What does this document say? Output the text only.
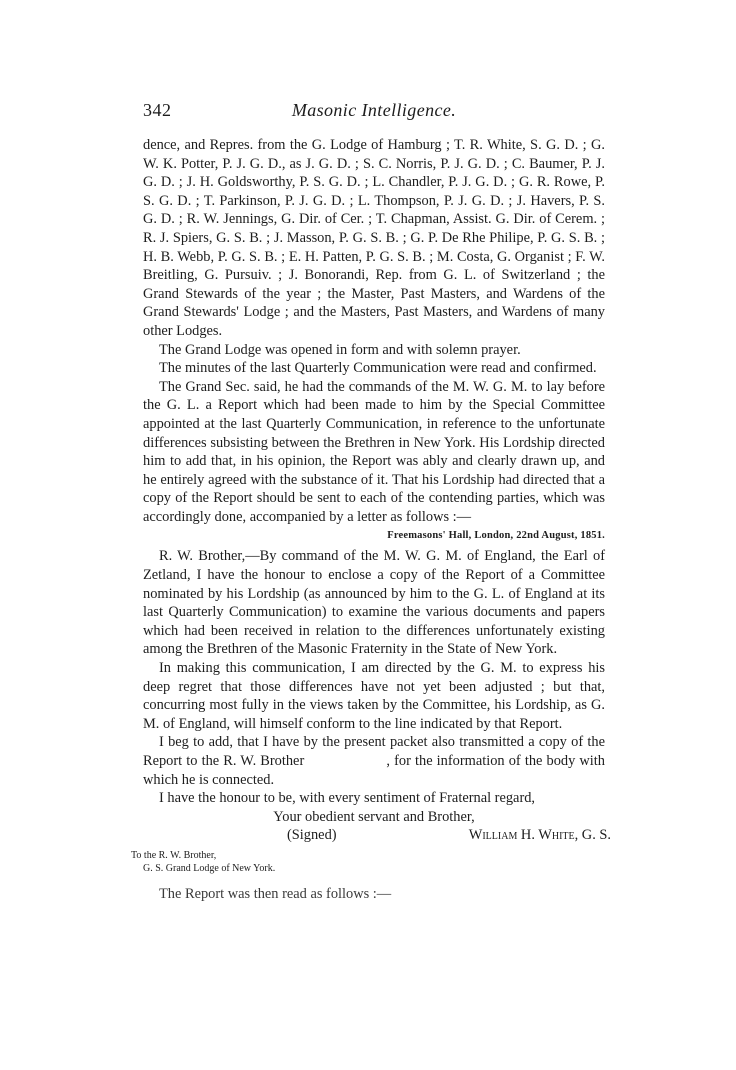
342	Masonic Intelligence.

dence, and Repres. from the G. Lodge of Hamburg ; T. R. White, S. G. D. ; G. W. K. Potter, P. J. G. D., as J. G. D. ; S. C. Norris, P. J. G. D. ; C. Baumer, P. J. G. D. ; J. H. Goldsworthy, P. S. G. D. ; L. Chandler, P. J. G. D. ; G. R. Rowe, P. S. G. D. ; T. Parkinson, P. J. G. D. ; L. Thompson, P. J. G. D. ; J. Havers, P. S. G. D. ; R. W. Jennings, G. Dir. of Cer. ; T. Chapman, Assist. G. Dir. of Cerem. ; R. J. Spiers, G. S. B. ; J. Masson, P. G. S. B. ; G. P. De Rhe Philipe, P. G. S. B. ; H. B. Webb, P. G. S. B. ; E. H. Patten, P. G. S. B. ; M. Costa, G. Organist ; F. W. Breitling, G. Pursuiv. ; J. Bonorandi, Rep. from G. L. of Switzerland ; the Grand Stewards of the year ; the Master, Past Masters, and Wardens of the Grand Stewards' Lodge ; and the Masters, Past Masters, and Wardens of many other Lodges.

The Grand Lodge was opened in form and with solemn prayer.

The minutes of the last Quarterly Communication were read and confirmed.

The Grand Sec. said, he had the commands of the M. W. G. M. to lay before the G. L. a Report which had been made to him by the Special Committee appointed at the last Quarterly Communication, in reference to the unfortunate differences subsisting between the Brethren in New York. His Lordship directed him to add that, in his opinion, the Report was ably and clearly drawn up, and he entirely agreed with the substance of it. That his Lordship had directed that a copy of the Report should be sent to each of the contending parties, which was accordingly done, accompanied by a letter as follows :—

Freemasons' Hall, London, 22nd August, 1851.

R. W. Brother,—By command of the M. W. G. M. of England, the Earl of Zetland, I have the honour to enclose a copy of the Report of a Committee nominated by his Lordship (as announced by him to the G. L. of England at its last Quarterly Communication) to examine the various documents and papers which had been received in relation to the differences unfortunately existing among the Brethren of the Masonic Fraternity in the State of New York.

In making this communication, I am directed by the G. M. to express his deep regret that those differences have not yet been adjusted ; but that, concurring most fully in the views taken by the Committee, his Lordship, as G. M. of England, will himself conform to the line indicated by that Report.

I beg to add, that I have by the present packet also transmitted a copy of the Report to the R. W. Brother                    , for the information of the body with which he is connected.

I have the honour to be, with every sentiment of Fraternal regard,

Your obedient servant and Brother,

(Signed)	William H. White, G. S.
To the R. W. Brother,
G. S. Grand Lodge of New York.

The Report was then read as follows :—
